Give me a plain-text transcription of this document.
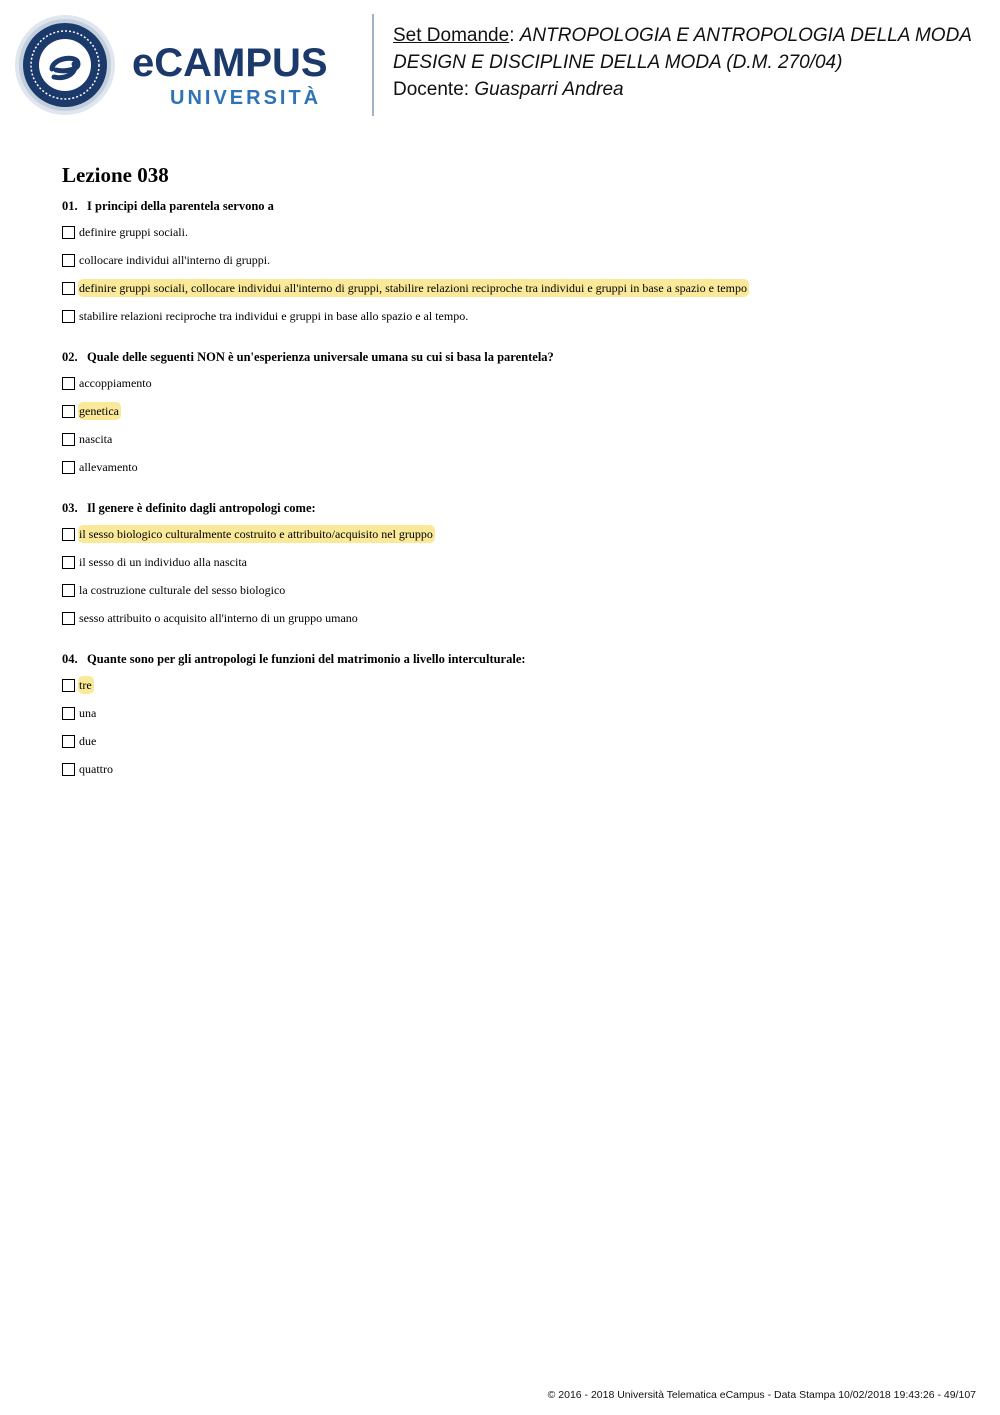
eCAMPUS
UNIVERSITÀ
Set Domande: ANTROPOLOGIA E ANTROPOLOGIA DELLA MODA
DESIGN E DISCIPLINE DELLA MODA (D.M. 270/04)
Docente: Guasparri Andrea
Lezione 038
01. I principi della parentela servono a
definire gruppi sociali.
collocare individui all'interno di gruppi.
definire gruppi sociali, collocare individui all'interno di gruppi, stabilire relazioni reciproche tra individui e gruppi in base a spazio e tempo
stabilire relazioni reciproche tra individui e gruppi in base allo spazio e al tempo.
02. Quale delle seguenti NON è un'esperienza universale umana su cui si basa la parentela?
accoppiamento
genetica
nascita
allevamento
03. Il genere è definito dagli antropologi come:
il sesso biologico culturalmente costruito e attribuito/acquisito nel gruppo
il sesso di un individuo alla nascita
la costruzione culturale del sesso biologico
sesso attribuito o acquisito all'interno di un gruppo umano
04. Quante sono per gli antropologi le funzioni del matrimonio a livello interculturale:
tre
una
due
quattro
© 2016 - 2018 Università Telematica eCampus - Data Stampa 10/02/2018 19:43:26 - 49/107
